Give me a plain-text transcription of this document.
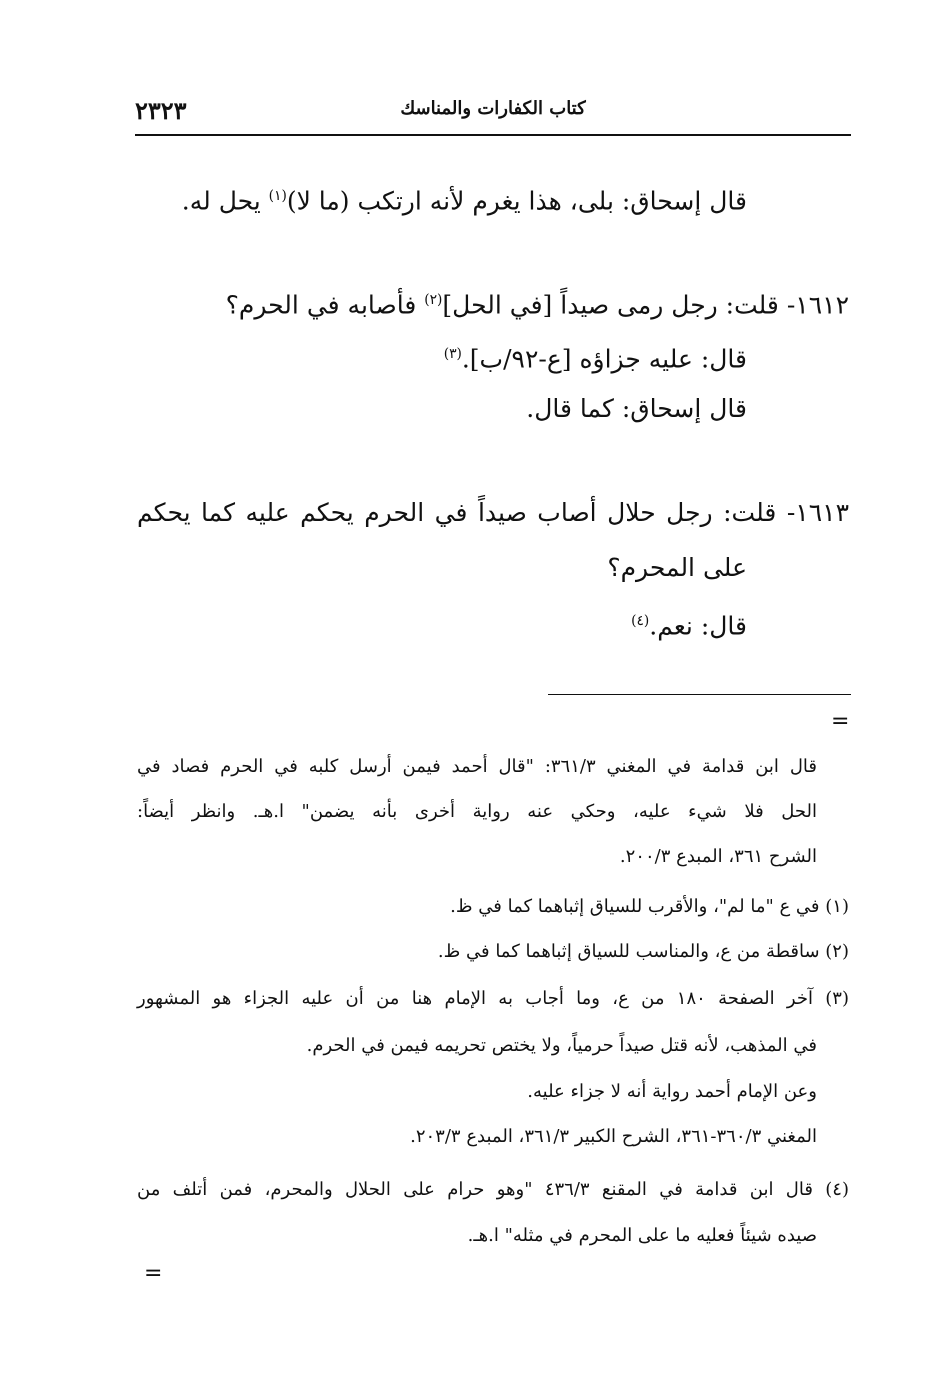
٢٣٢٣	كتاب الكفارات والمناسك
قال إسحاق: بلى، هذا يغرم لأنه ارتكب (ما لا)$^{(١)}$ يحل له.
١٦١٢- قلت: رجل رمى صيداً [في الحل]$^{(٢)}$ فأصابه في الحرم؟
قال: عليه جزاؤه [ع-٩٢/ب].$^{(٣)}$
قال إسحاق: كما قال.
١٦١٣- قلت: رجل حلال أصاب صيداً في الحرم يحكم عليه كما يحكم
على المحرم؟
قال: نعم.$^{(٤)}$
=
قال ابن قدامة في المغني ٣٦١/٣: "قال أحمد فيمن أرسل كلبه في الحرم فصاد في
الحل فلا شيء عليه، وحكي عنه رواية أخرى بأنه يضمن" ا.هـ. وانظر أيضاً:
الشرح ٣٦١، المبدع ٢٠٠/٣.
(١) في ع "ما لم"، والأقرب للسياق إثباهما كما في ظ.
(٢) ساقطة من ع، والمناسب للسياق إثباهما كما في ظ.
(٣) آخر الصفحة ١٨٠ من ع، وما أجاب به الإمام هنا من أن عليه الجزاء هو المشهور
في المذهب، لأنه قتل صيداً حرمياً، ولا يختص تحريمه فيمن في الحرم.
وعن الإمام أحمد رواية أنه لا جزاء عليه.
المغني ٣٦٠/٣-٣٦١، الشرح الكبير ٣٦١/٣، المبدع ٢٠٣/٣.
(٤) قال ابن قدامة في المقنع ٤٣٦/٣ "وهو حرام على الحلال والمحرم، فمن أتلف من
صيده شيئاً فعليه ما على المحرم في مثله" ا.هـ.
=
